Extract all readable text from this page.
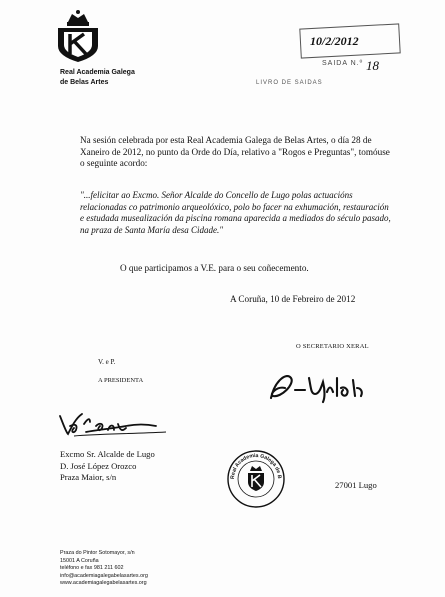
Real Academia Galega
de Belas Artes
10/2/2012
SAIDA N.º 18
LIVRO DE SAIDAS
Na sesión celebrada por esta Real Academia Galega de Belas Artes, o día 28 de Xaneiro de 2012, no punto da Orde do Día, relativo a "Rogos e Preguntas", tomóuse o seguinte acordo:
"...felicitar ao Excmo. Señor Alcalde do Concello de Lugo polas actuacións relacionadas co patrimonio arqueolóxico, polo bo facer na exhumación, restauración e estudada musealización da piscina romana aparecida a mediados do século pasado, na praza de Santa María desa Cidade."
O que participamos a V.E. para o seu coñecemento.
A Coruña, 10 de Febreiro de 2012
O SECRETARIO XERAL
V. e P.
A PRESIDENTA
Excmo Sr. Alcalde de Lugo
D. José López Orozco
Praza Maior, s/n
27001 Lugo
Real Academia Galega de B
Praza do Pintor Sotomayor, s/n
15001 A Coruña
teléfono e fax 981 211 602
info@academiagalegabelasartes.org
www.academiagalegabelasartes.org
